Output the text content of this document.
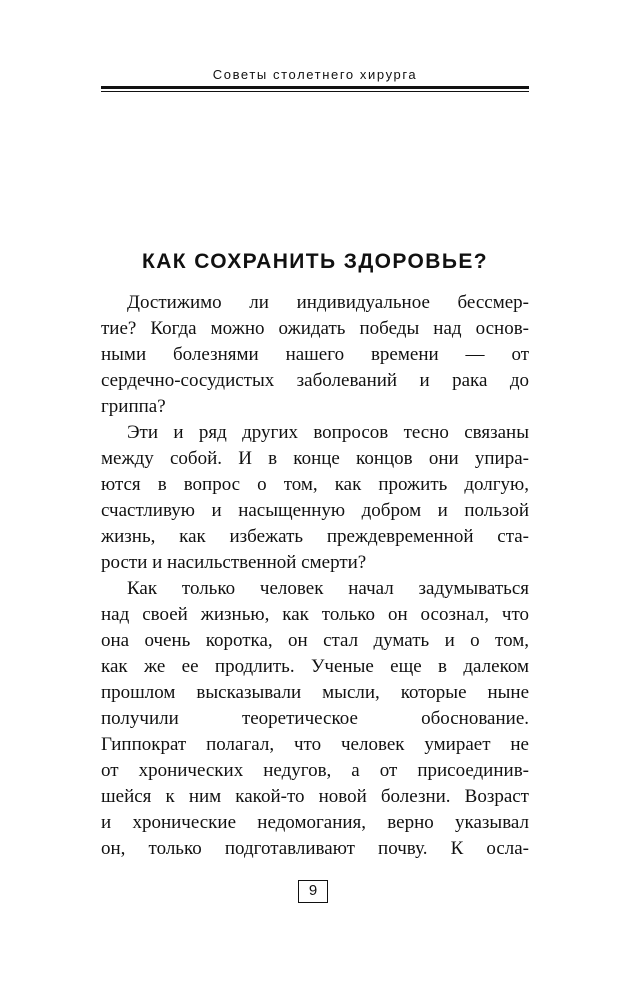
Советы столетнего хирурга
КАК СОХРАНИТЬ ЗДОРОВЬЕ?
Достижимо ли индивидуальное бессмер-
тие? Когда можно ожидать победы над основ-
ными болезнями нашего времени — от
сердечно-сосудистых заболеваний и рака до
гриппа?
Эти и ряд других вопросов тесно связаны
между собой. И в конце концов они упира-
ются в вопрос о том, как прожить долгую,
счастливую и насыщенную добром и пользой
жизнь, как избежать преждевременной ста-
рости и насильственной смерти?
Как только человек начал задумываться
над своей жизнью, как только он осознал, что
она очень коротка, он стал думать и о том,
как же ее продлить. Ученые еще в далеком
прошлом высказывали мысли, которые ныне
получили теоретическое обоснование.
Гиппократ полагал, что человек умирает не
от хронических недугов, а от присоединив-
шейся к ним какой-то новой болезни. Возраст
и хронические недомогания, верно указывал
он, только подготавливают почву. К осла-
9
